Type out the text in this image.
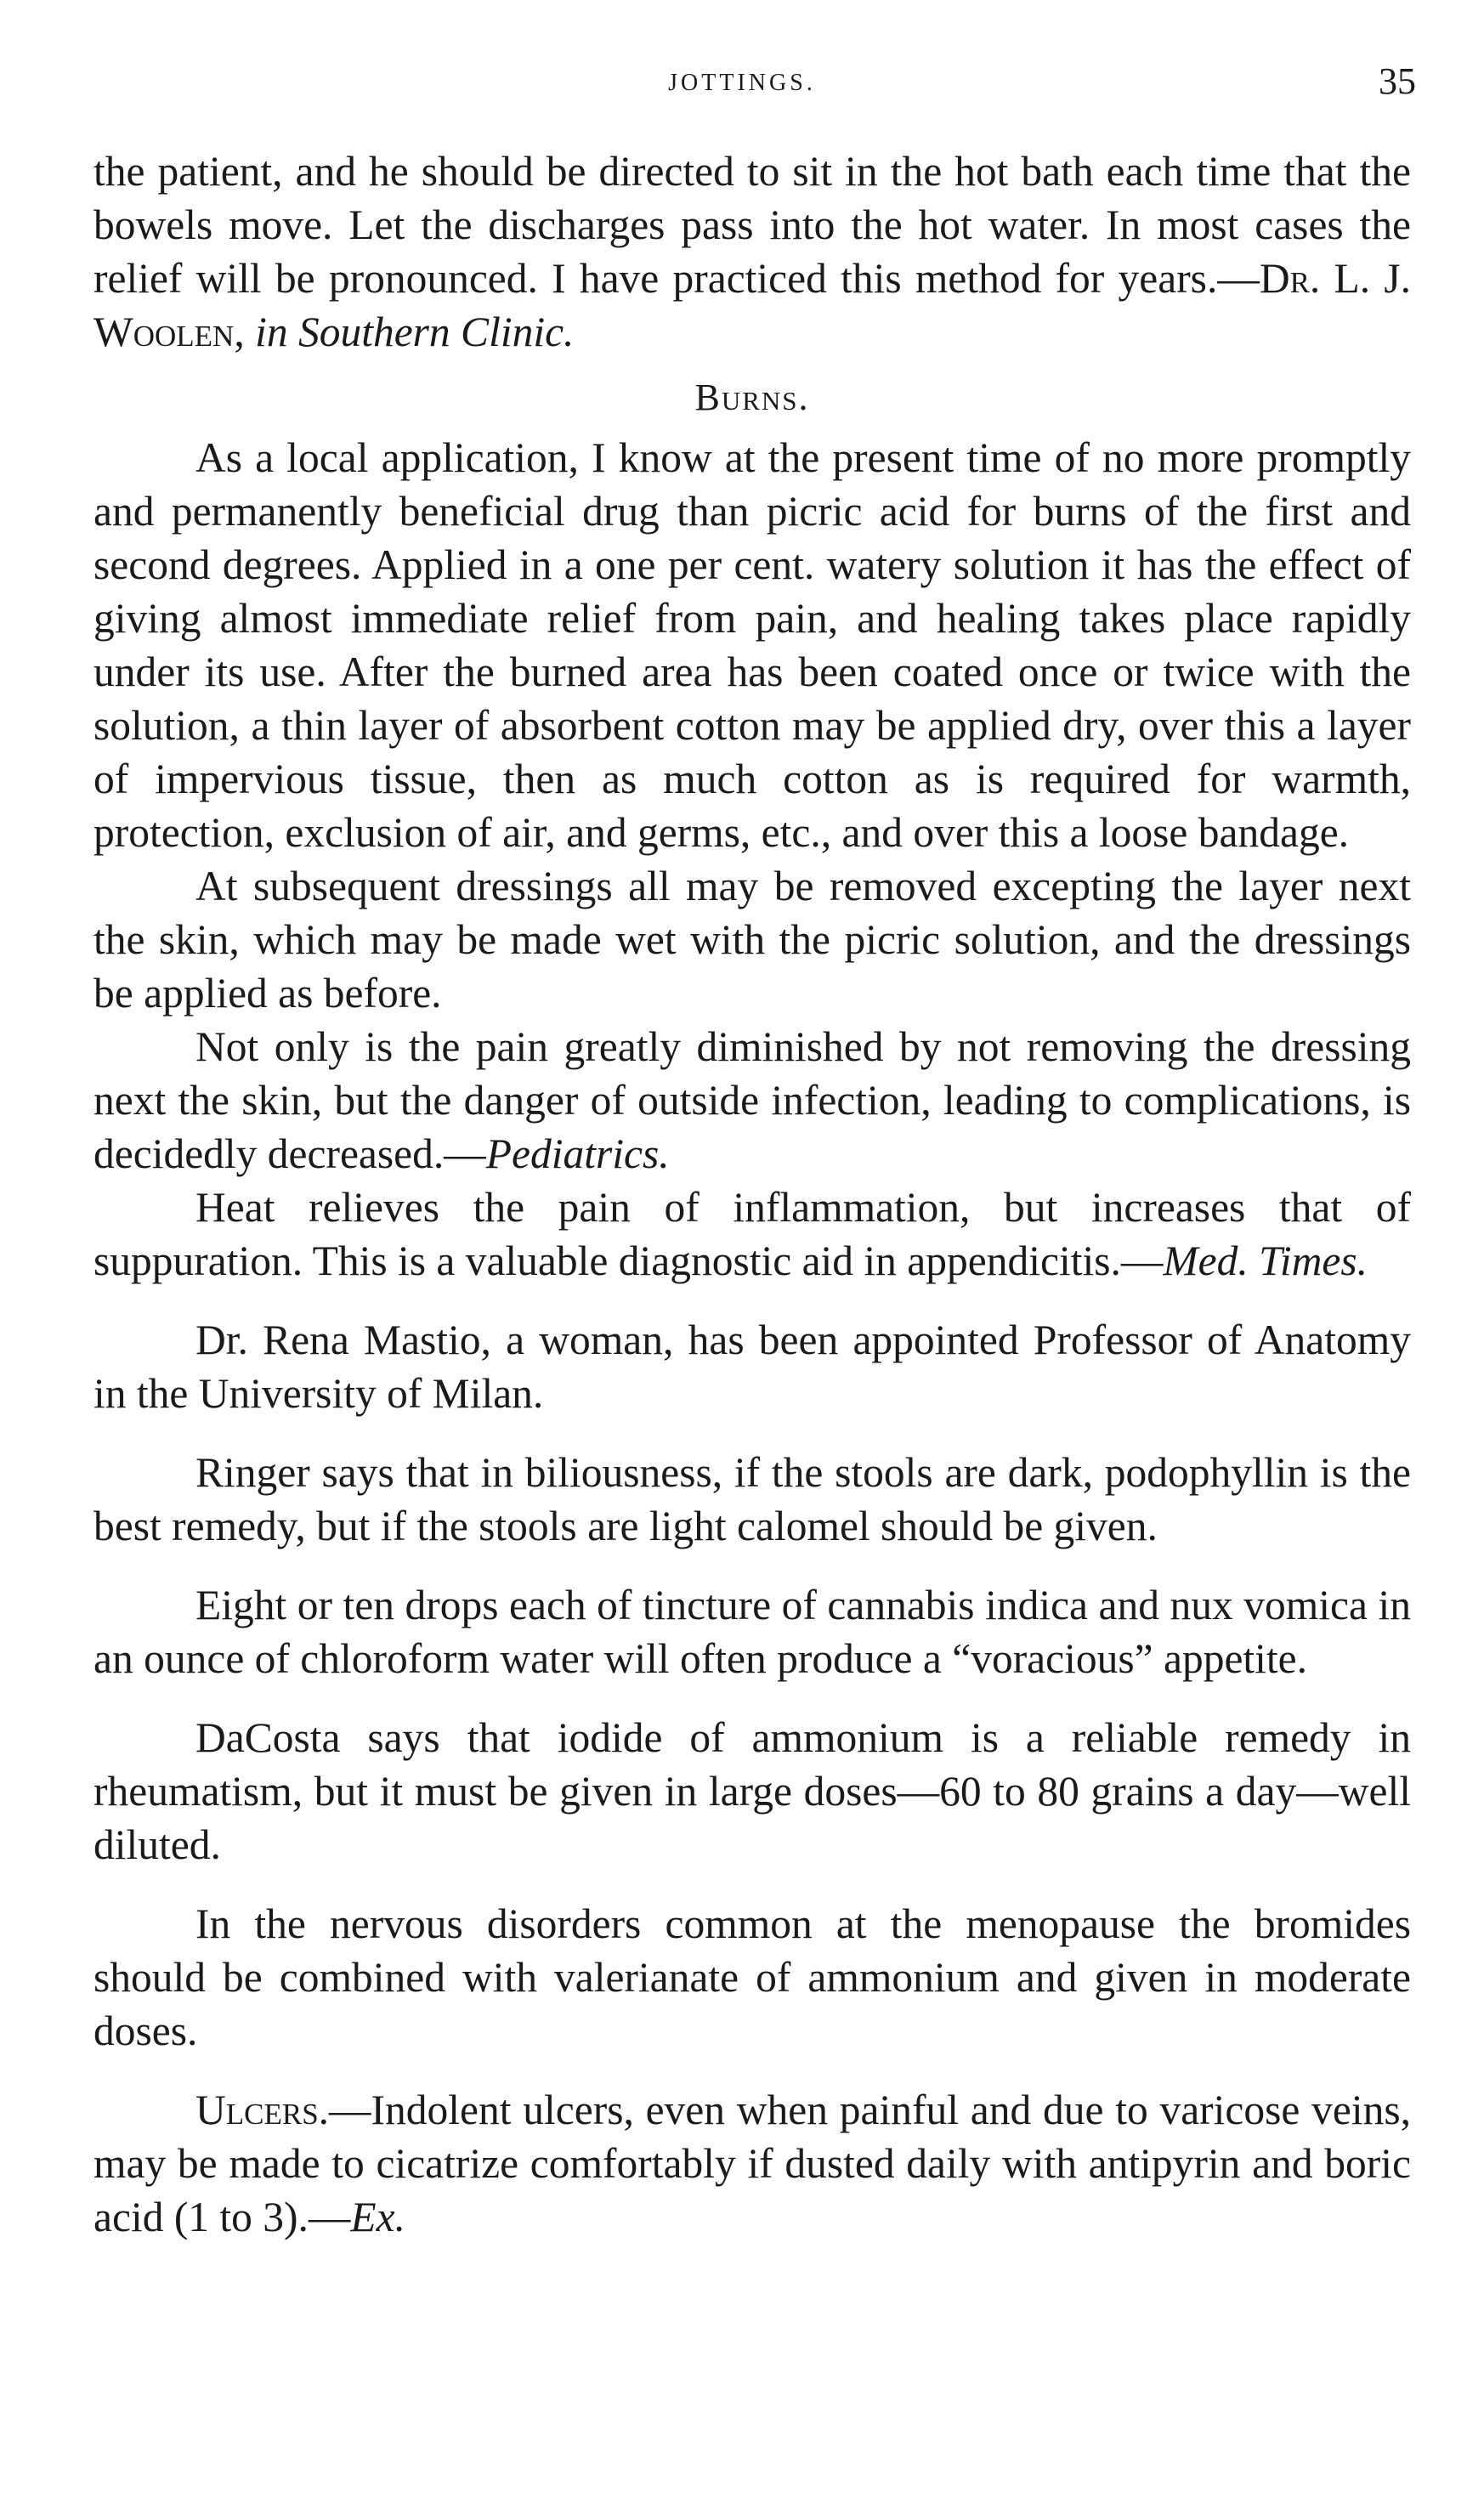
JOTTINGS.	35

the patient, and he should be directed to sit in the hot bath each time that the bowels move. Let the discharges pass into the hot water. In most cases the relief will be pronounced. I have practiced this method for years.—Dr. L. J. Woolen, in Southern Clinic.

Burns.

As a local application, I know at the present time of no more promptly and permanently beneficial drug than picric acid for burns of the first and second degrees. Applied in a one per cent. watery solution it has the effect of giving almost immediate relief from pain, and healing takes place rapidly under its use. After the burned area has been coated once or twice with the solution, a thin layer of absorbent cotton may be applied dry, over this a layer of impervious tissue, then as much cotton as is required for warmth, protection, exclusion of air, and germs, etc., and over this a loose bandage.

At subsequent dressings all may be removed excepting the layer next the skin, which may be made wet with the picric solution, and the dressings be applied as before.

Not only is the pain greatly diminished by not removing the dressing next the skin, but the danger of outside infection, leading to complications, is decidedly decreased.—Pediatrics.

Heat relieves the pain of inflammation, but increases that of suppuration. This is a valuable diagnostic aid in appendicitis.—Med. Times.

Dr. Rena Mastio, a woman, has been appointed Professor of Anatomy in the University of Milan.

Ringer says that in biliousness, if the stools are dark, podophyllin is the best remedy, but if the stools are light calomel should be given.

Eight or ten drops each of tincture of cannabis indica and nux vomica in an ounce of chloroform water will often produce a “voracious” appetite.

DaCosta says that iodide of ammonium is a reliable remedy in rheumatism, but it must be given in large doses—60 to 80 grains a day—well diluted.

In the nervous disorders common at the menopause the bromides should be combined with valerianate of ammonium and given in moderate doses.

Ulcers.—Indolent ulcers, even when painful and due to varicose veins, may be made to cicatrize comfortably if dusted daily with antipyrin and boric acid (1 to 3).—Ex.
